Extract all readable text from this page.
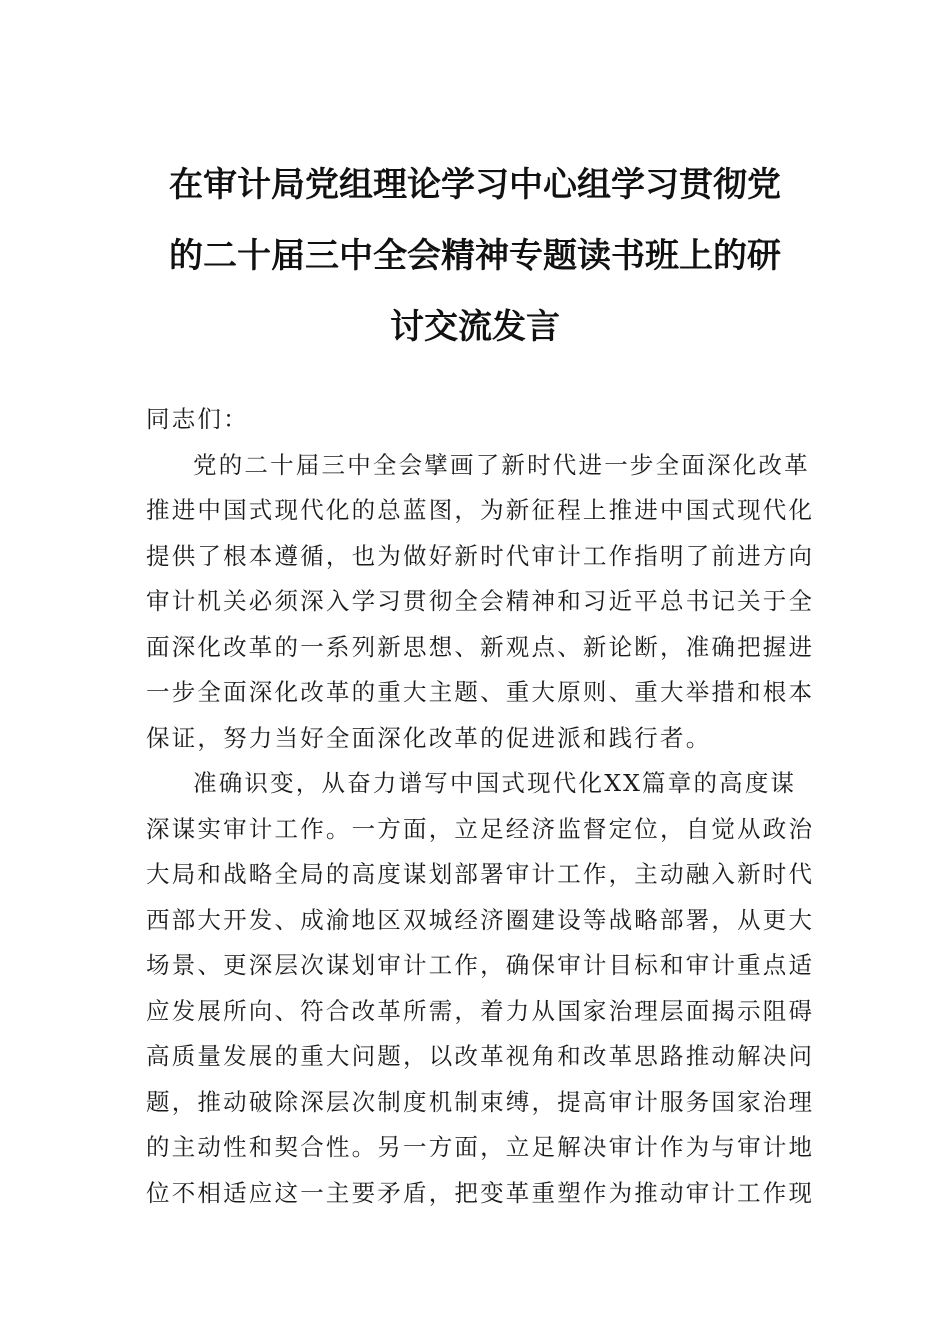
在审计局党组理论学习中心组学习贯彻党
的二十届三中全会精神专题读书班上的研
讨交流发言
同志们：
党的二十届三中全会擘画了新时代进一步全面深化改革
推进中国式现代化的总蓝图，为新征程上推进中国式现代化
提供了根本遵循，也为做好新时代审计工作指明了前进方向
审计机关必须深入学习贯彻全会精神和习近平总书记关于全
面深化改革的一系列新思想、新观点、新论断，准确把握进
一步全面深化改革的重大主题、重大原则、重大举措和根本
保证，努力当好全面深化改革的促进派和践行者。
准确识变，从奋力谱写中国式现代化XX篇章的高度谋
深谋实审计工作。一方面，立足经济监督定位，自觉从政治
大局和战略全局的高度谋划部署审计工作，主动融入新时代
西部大开发、成渝地区双城经济圈建设等战略部署，从更大
场景、更深层次谋划审计工作，确保审计目标和审计重点适
应发展所向、符合改革所需，着力从国家治理层面揭示阻碍
高质量发展的重大问题，以改革视角和改革思路推动解决问
题，推动破除深层次制度机制束缚，提高审计服务国家治理
的主动性和契合性。另一方面，立足解决审计作为与审计地
位不相适应这一主要矛盾，把变革重塑作为推动审计工作现
